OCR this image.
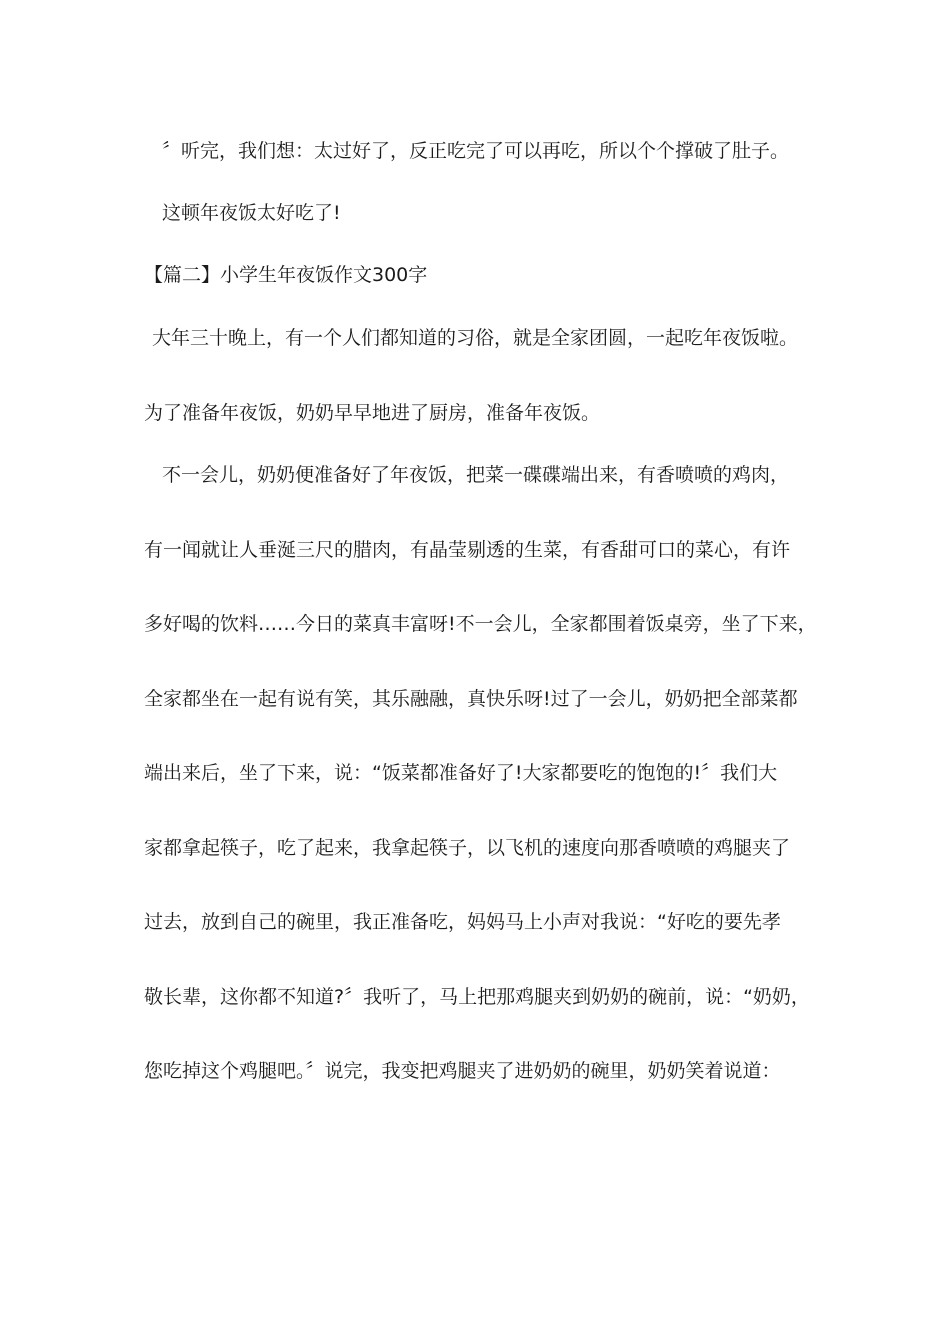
〞听完，我们想：太过好了，反正吃完了可以再吃，所以个个撑破了肚子。
这顿年夜饭太好吃了!
【篇二】小学生年夜饭作文300字
大年三十晚上，有一个人们都知道的习俗，就是全家团圆，一起吃年夜饭啦。
为了准备年夜饭，奶奶早早地进了厨房，准备年夜饭。
不一会儿，奶奶便准备好了年夜饭，把菜一碟碟端出来，有香喷喷的鸡肉，
有一闻就让人垂涎三尺的腊肉，有晶莹剔透的生菜，有香甜可口的菜心，有许
多好喝的饮料……今日的菜真丰富呀!不一会儿，全家都围着饭桌旁，坐了下来，
全家都坐在一起有说有笑，其乐融融，真快乐呀!过了一会儿，奶奶把全部菜都
端出来后，坐了下来，说：“饭菜都准备好了!大家都要吃的饱饱的!〞我们大
家都拿起筷子，吃了起来，我拿起筷子，以飞机的速度向那香喷喷的鸡腿夹了
过去，放到自己的碗里，我正准备吃，妈妈马上小声对我说：“好吃的要先孝
敬长辈，这你都不知道?〞我听了，马上把那鸡腿夹到奶奶的碗前，说：“奶奶，
您吃掉这个鸡腿吧。〞说完，我变把鸡腿夹了进奶奶的碗里，奶奶笑着说道：
